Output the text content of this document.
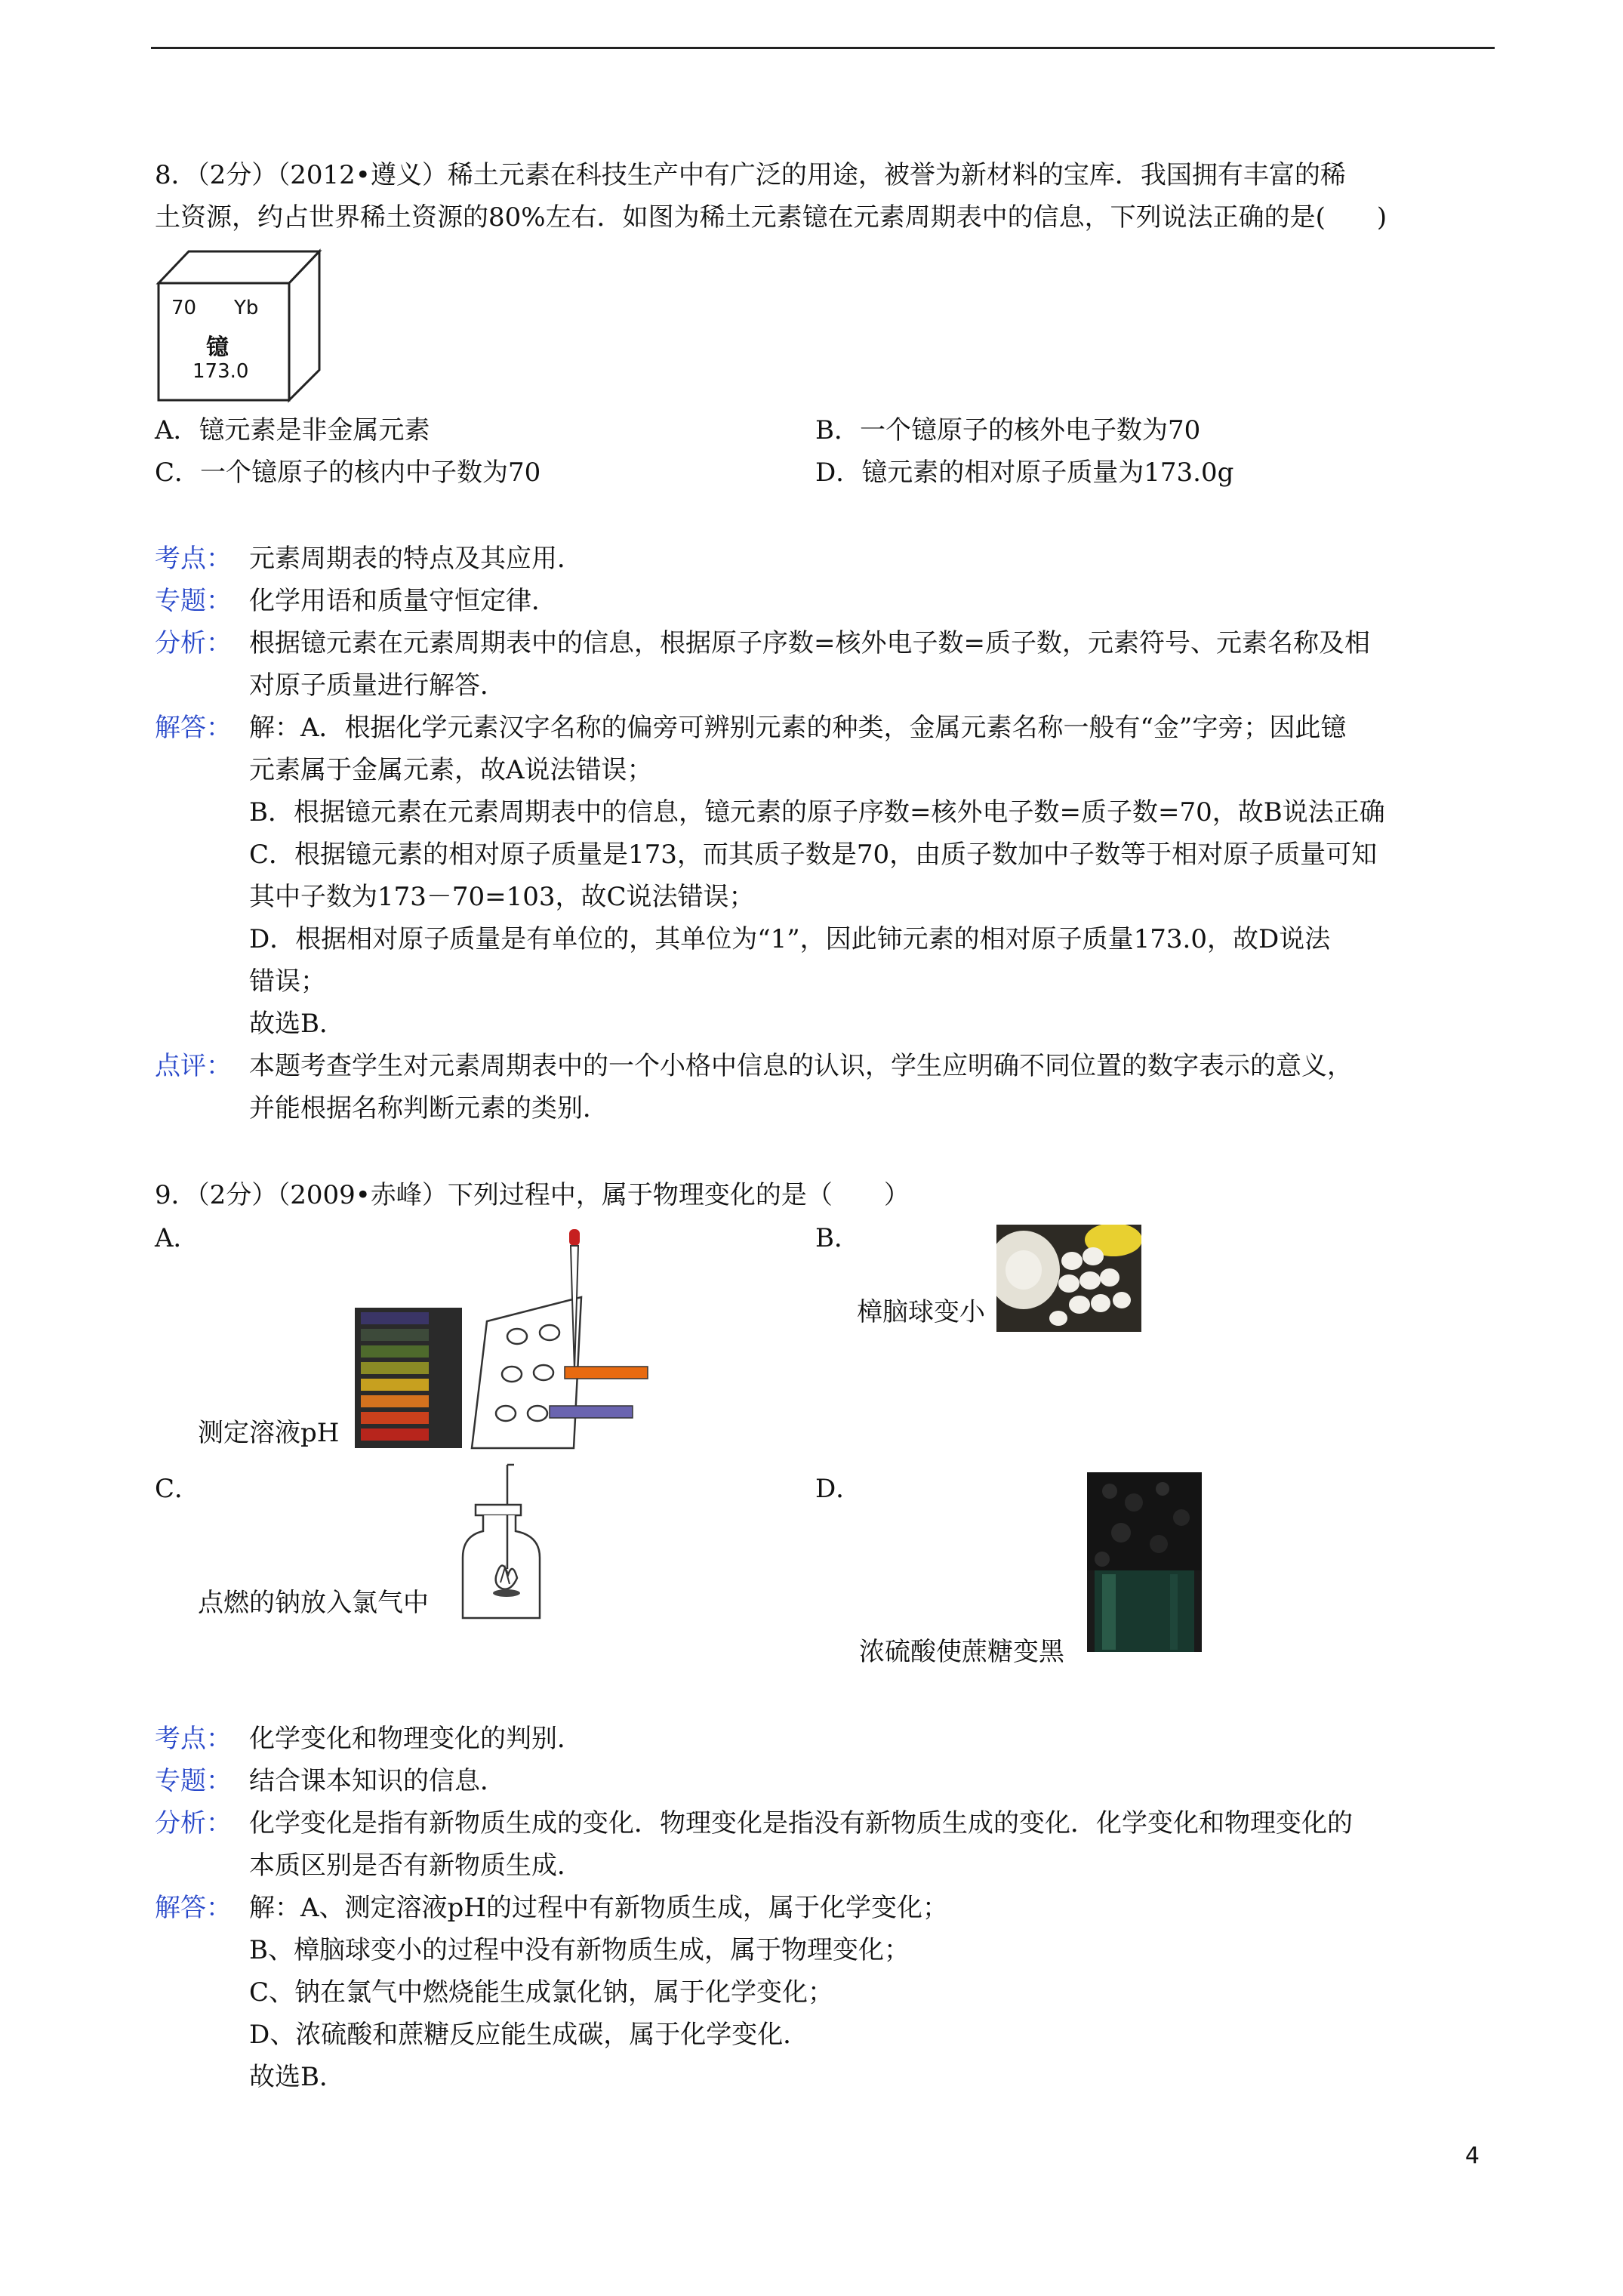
8．（2分）（2012•遵义）稀土元素在科技生产中有广泛的用途，被誉为新材料的宝库．我国拥有丰富的稀
土资源，约占世界稀土资源的80%左右．如图为稀土元素镱在元素周期表中的信息，下列说法正确的是(　　)
70 Yb
镱
173.0
A．镱元素是非金属元素	B．一个镱原子的核外电子数为70
C．一个镱原子的核内中子数为70	D．镱元素的相对原子质量为173.0g
考点： 元素周期表的特点及其应用．
专题： 化学用语和质量守恒定律．
分析： 根据镱元素在元素周期表中的信息，根据原子序数=核外电子数=质子数，元素符号、元素名称及相
对原子质量进行解答．
解答： 解：A．根据化学元素汉字名称的偏旁可辨别元素的种类，金属元素名称一般有“金”字旁；因此镱
元素属于金属元素，故A说法错误；
B．根据镱元素在元素周期表中的信息，镱元素的原子序数=核外电子数=质子数=70，故B说法正确
C．根据镱元素的相对原子质量是173，而其质子数是70，由质子数加中子数等于相对原子质量可知
其中子数为173－70=103，故C说法错误；
D．根据相对原子质量是有单位的，其单位为“1”，因此铈元素的相对原子质量173.0，故D说法
错误；
故选B．
点评： 本题考查学生对元素周期表中的一个小格中信息的认识，学生应明确不同位置的数字表示的意义，
并能根据名称判断元素的类别．
9．（2分）（2009•赤峰）下列过程中，属于物理变化的是（　　）
A．
测定溶液pH
B．
樟脑球变小
C．
点燃的钠放入氯气中
D．
浓硫酸使蔗糖变黑
考点： 化学变化和物理变化的判别．
专题： 结合课本知识的信息．
分析： 化学变化是指有新物质生成的变化．物理变化是指没有新物质生成的变化．化学变化和物理变化的
本质区别是否有新物质生成．
解答： 解：A、测定溶液pH的过程中有新物质生成，属于化学变化；
B、樟脑球变小的过程中没有新物质生成，属于物理变化；
C、钠在氯气中燃烧能生成氯化钠，属于化学变化；
D、浓硫酸和蔗糖反应能生成碳，属于化学变化．
故选B．
4
